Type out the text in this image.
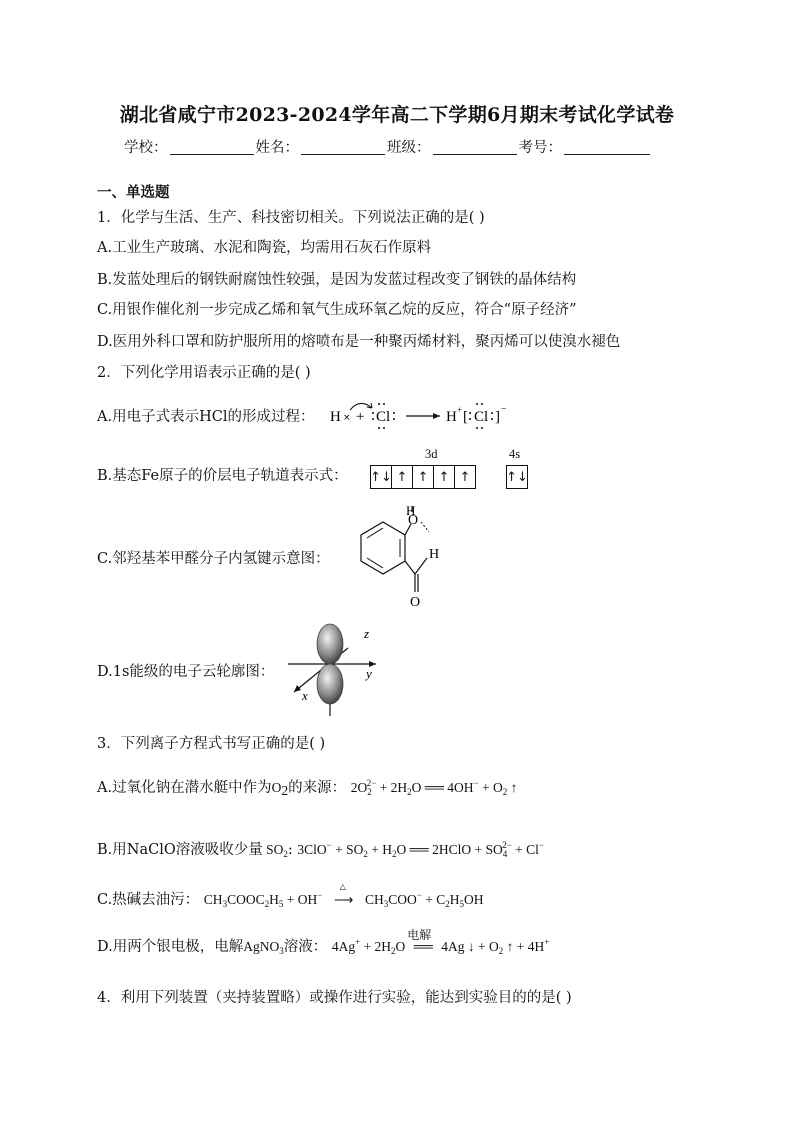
湖北省咸宁市2023-2024学年高二下学期6月期末考试化学试卷
学校：	姓名：	班级：	考号：
一、单选题
1．化学与生活、生产、科技密切相关。下列说法正确的是( )
A.工业生产玻璃、水泥和陶瓷，均需用石灰石作原料
B.发蓝处理后的钢铁耐腐蚀性较强，是因为发蓝过程改变了钢铁的晶体结构
C.用银作催化剂一步完成乙烯和氧气生成环氧乙烷的反应，符合“原子经济”
D.医用外科口罩和防护服所用的熔喷布是一种聚丙烯材料，聚丙烯可以使溴水褪色
2．下列化学用语表示正确的是( )
A.用电子式表示HCl的形成过程： H × + Cl	H + [ Cl ] −
B.基态Fe原子的价层电子轨道表示式：
3d	4s
↑↓ ↑ ↑ ↑ ↑	↑↓
C.邻羟基苯甲醛分子内氢键示意图：
O
H
H
O
D.1s能级的电子云轮廓图：
z
y
x
3．下列离子方程式书写正确的是( )
A.过氧化钠在潜水艇中作为O2的来源： $2O_2^{2-} + 2H_2O$ ══ $4OH^- + O_2$ ↑
B.用NaClO溶液吸收少量 $SO_2$: $3ClO^- + SO_2 + H_2O$ ══ 2HClO + $SO_4^{2-} + Cl^-$
C.热碱去油污： $CH_3COOC_2H_5 + OH^-$
△
⟶ $CH_3COO^- + C_2H_5OH$
D.用两个银电极，电解AgNO$_3$溶液： $4Ag^+ + 2H_2O$
电解
══ 4Ag ↓ + $O_2$ ↑ + 4H+
4．利用下列装置（夹持装置略）或操作进行实验，能达到实验目的的是( )
